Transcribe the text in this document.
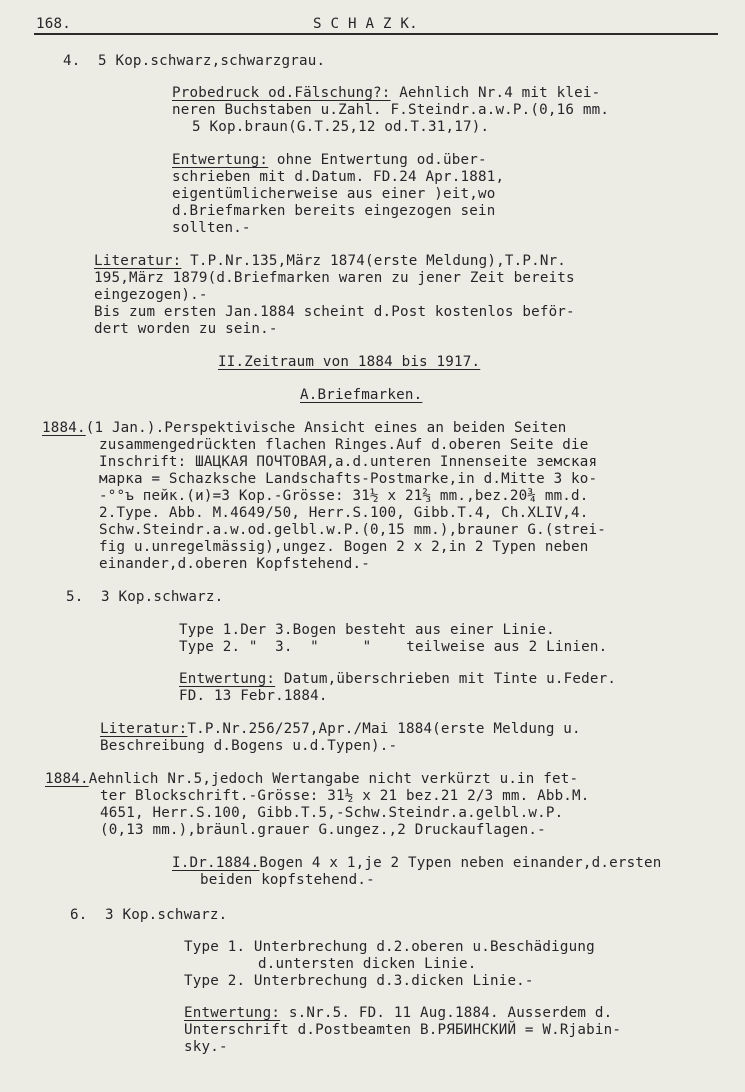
168.	S C H A Z K.
4.  5 Kop.schwarz,schwarzgrau.
Probedruck od.Fälschung?: Aehnlich Nr.4 mit klei-
neren Buchstaben u.Zahl. F.Steindr.a.w.P.(0,16 mm.
5 Kop.braun(G.T.25,12 od.T.31,17).
Entwertung: ohne Entwertung od.über-
schrieben mit d.Datum. FD.24 Apr.1881,
eigentümlicherweise aus einer )eit,wo
d.Briefmarken bereits eingezogen sein
sollten.-
Literatur: T.P.Nr.135,März 1874(erste Meldung),T.P.Nr.
195,März 1879(d.Briefmarken waren zu jener Zeit bereits
eingezogen).-
Bis zum ersten Jan.1884 scheint d.Post kostenlos beför-
dert worden zu sein.-
II.Zeitraum von 1884 bis 1917.
A.Briefmarken.
1884.(1 Jan.).Perspektivische Ansicht eines an beiden Seiten
zusammengedrückten flachen Ringes.Auf d.oberen Seite die
Inschrift: ШАЦКАЯ ПОЧТОВАЯ,a.d.unteren Innenseite земская
марка = Schazksche Landschafts-Postmarke,in d.Mitte 3 ko-
-°°ъ пейк.(и)=3 Kop.-Grösse: 31½ x 21⅔ mm.,bez.20¾ mm.d.
2.Type. Abb. M.4649/50, Herr.S.100, Gibb.T.4, Ch.XLIV,4.
Schw.Steindr.a.w.od.gelbl.w.P.(0,15 mm.),brauner G.(strei-
fig u.unregelmässig),ungez. Bogen 2 x 2,in 2 Typen neben
einander,d.oberen Kopfstehend.-
5.  3 Kop.schwarz.
Type 1.Der 3.Bogen besteht aus einer Linie.
Type 2. "  3.  "     "    teilweise aus 2 Linien.
Entwertung: Datum,überschrieben mit Tinte u.Feder.
FD. 13 Febr.1884.
Literatur:T.P.Nr.256/257,Apr./Mai 1884(erste Meldung u.
Beschreibung d.Bogens u.d.Typen).-
1884.Aehnlich Nr.5,jedoch Wertangabe nicht verkürzt u.in fet-
ter Blockschrift.-Grösse: 31½ x 21 bez.21 2/3 mm. Abb.M.
4651, Herr.S.100, Gibb.T.5,-Schw.Steindr.a.gelbl.w.P.
(0,13 mm.),bräunl.grauer G.ungez.,2 Druckauflagen.-
I.Dr.1884.Bogen 4 x 1,je 2 Typen neben einander,d.ersten
beiden kopfstehend.-
6.  3 Kop.schwarz.
Type 1. Unterbrechung d.2.oberen u.Beschädigung
d.untersten dicken Linie.
Type 2. Unterbrechung d.3.dicken Linie.-
Entwertung: s.Nr.5. FD. 11 Aug.1884. Ausserdem d.
Unterschrift d.Postbeamten В.РЯБИНСКИЙ = W.Rjabin-
sky.-
